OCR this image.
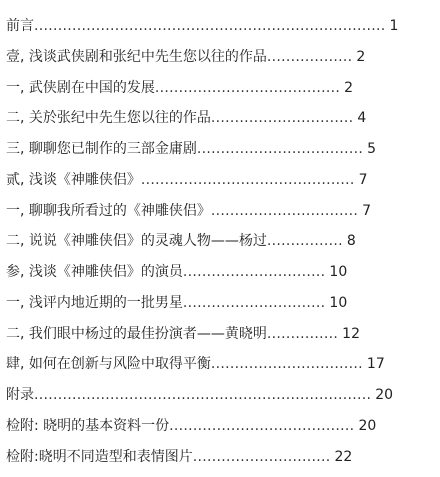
前言.......................................................................... 1
壹, 浅谈武侠剧和张纪中先生您以往的作品.................. 2
一, 武侠剧在中国的发展....................................... 2
二, 关於张纪中先生您以往的作品.............................. 4
三, 聊聊您已制作的三部金庸剧................................... 5
贰, 浅谈《神雕侠侣》............................................. 7
一, 聊聊我所看过的《神雕侠侣》............................... 7
二, 说说《神雕侠侣》的灵魂人物——杨过................ 8
参, 浅谈《神雕侠侣》的演员.............................. 10
一, 浅评内地近期的一批男星.............................. 10
二, 我们眼中杨过的最佳扮演者——黄晓明............... 12
肆, 如何在创新与风险中取得平衡................................ 17
附录....................................................................... 20
检附: 晓明的基本资料一份....................................... 20
检附:晓明不同造型和表情图片............................. 22
